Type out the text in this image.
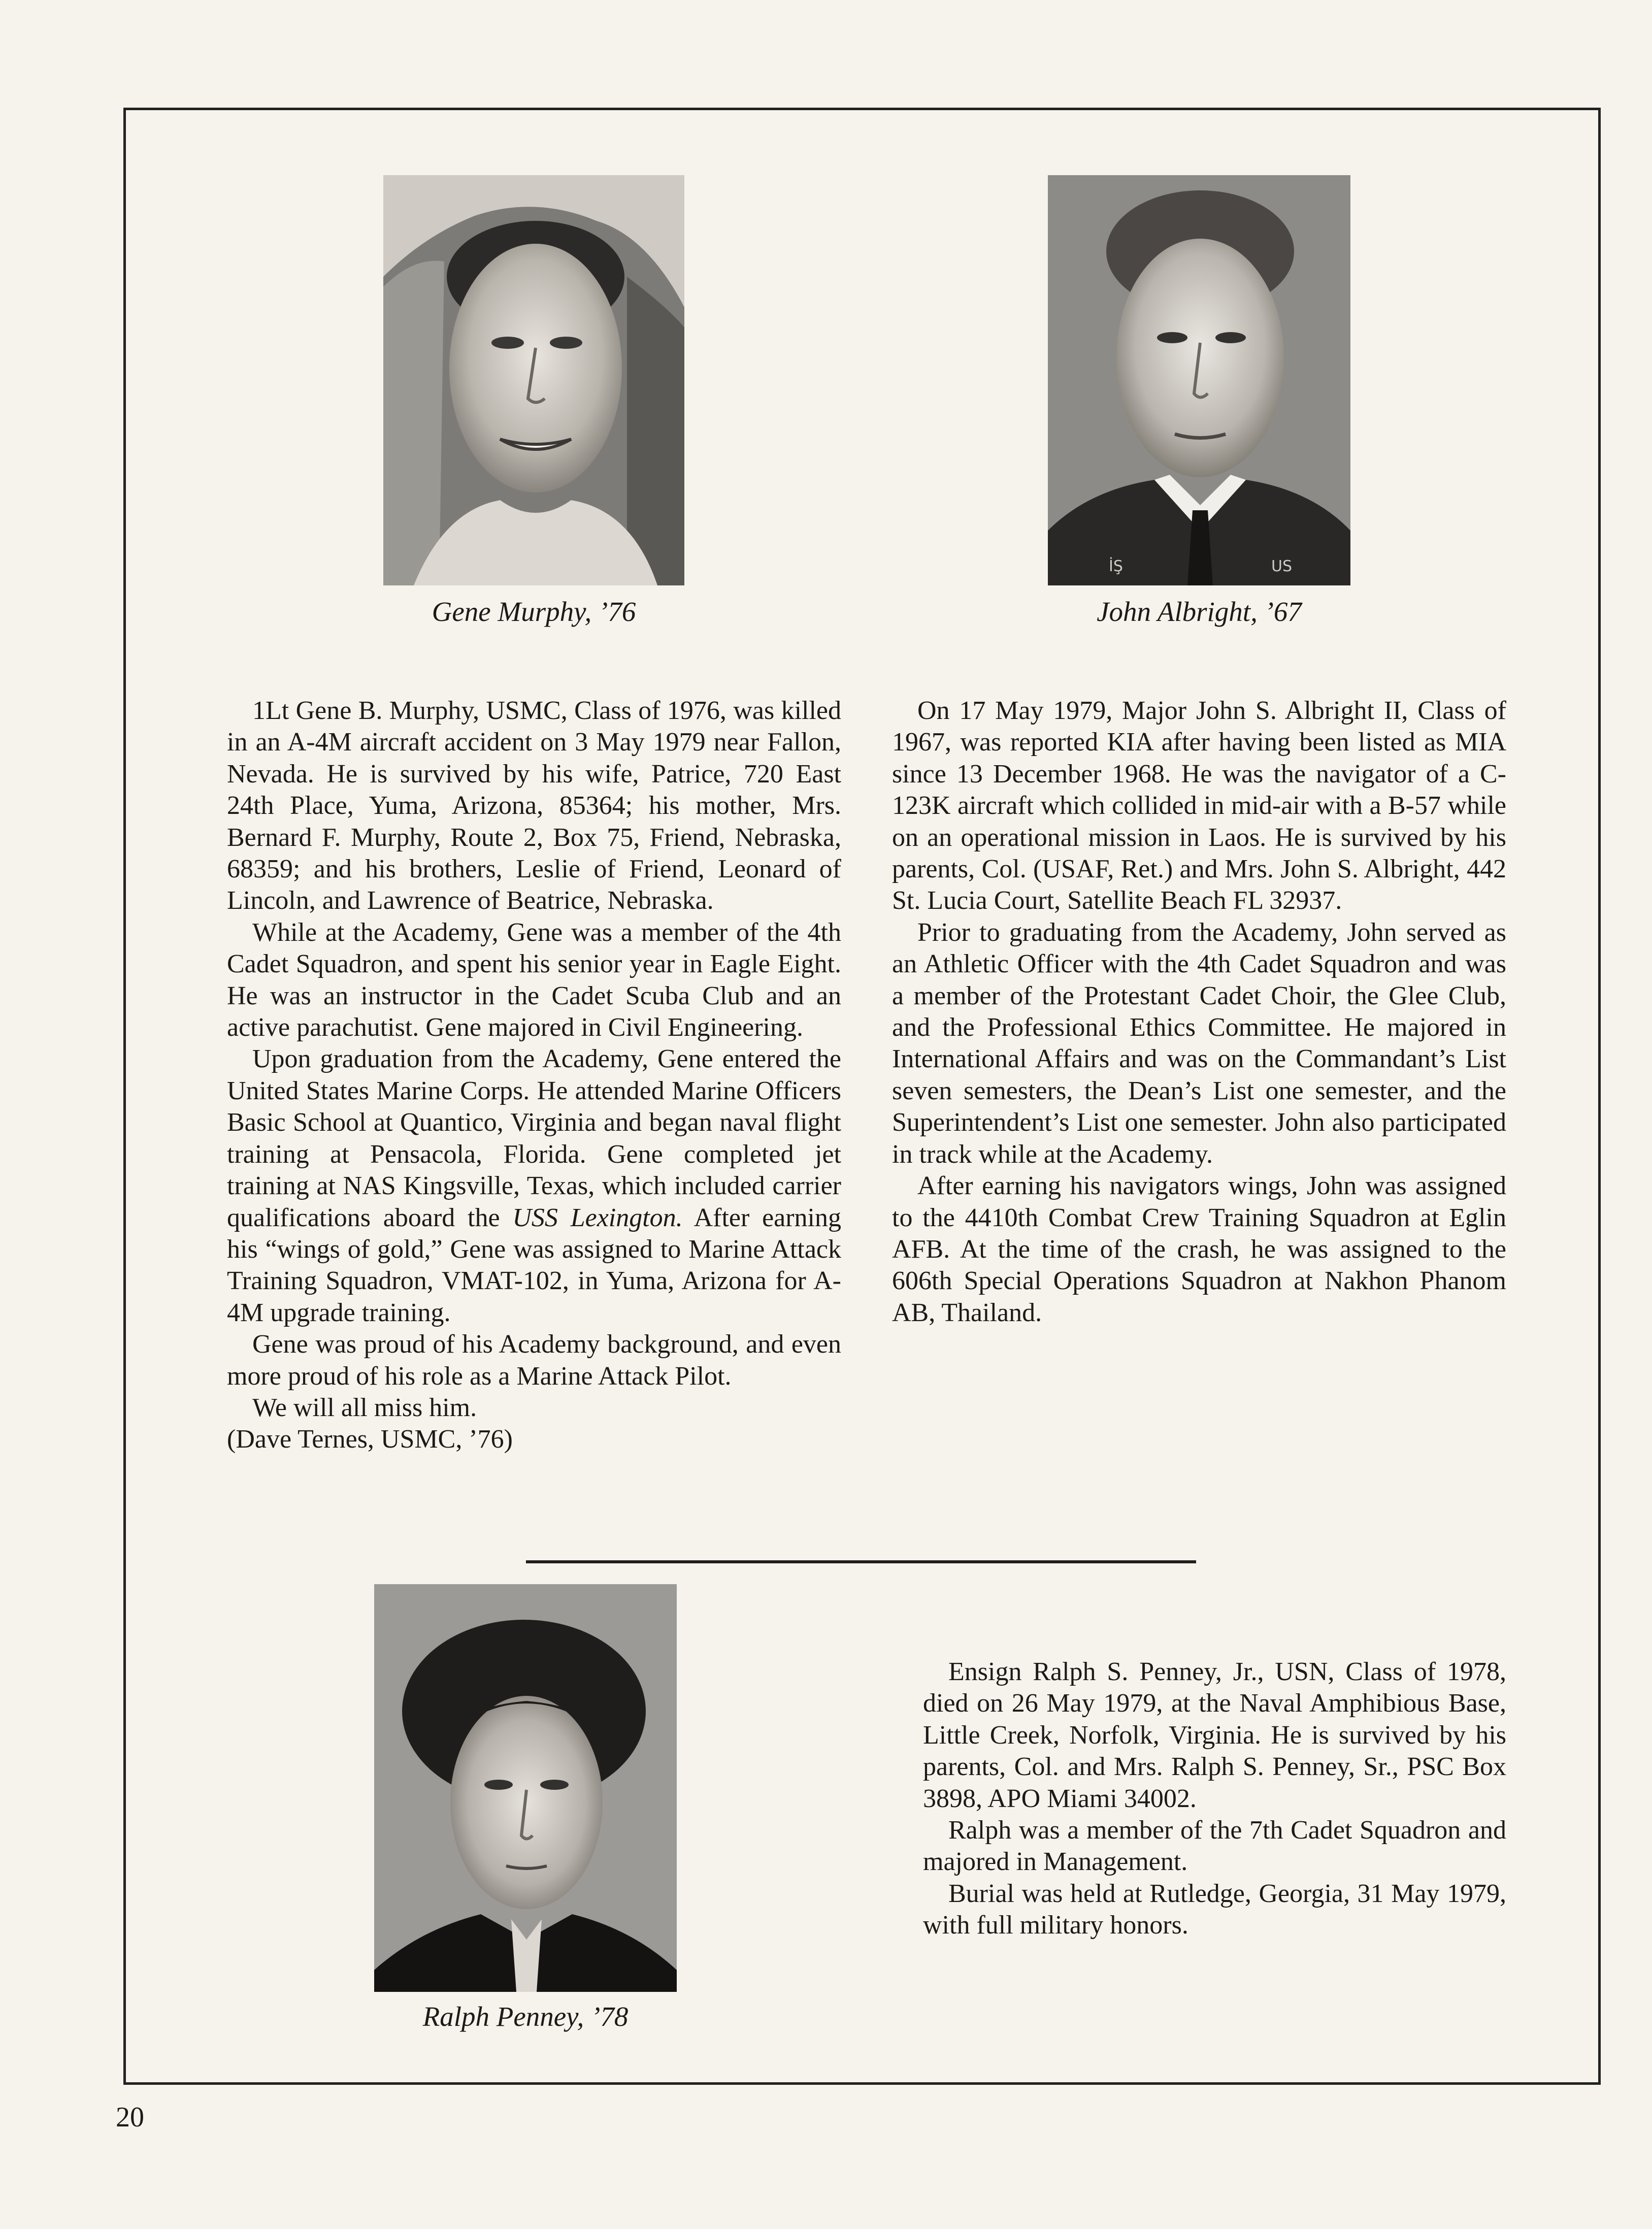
Gene Murphy, ’76

1Lt Gene B. Murphy, USMC, Class of 1976, was killed in an A-4M aircraft accident on 3 May 1979 near Fallon, Nevada. He is survived by his wife, Patrice, 720 East 24th Place, Yuma, Arizona, 85364; his mother, Mrs. Bernard F. Murphy, Route 2, Box 75, Friend, Nebraska, 68359; and his brothers, Leslie of Friend, Leonard of Lincoln, and Lawrence of Beatrice, Nebraska.

While at the Academy, Gene was a member of the 4th Cadet Squadron, and spent his senior year in Eagle Eight. He was an instructor in the Cadet Scuba Club and an active parachutist. Gene majored in Civil Engineering.

Upon graduation from the Academy, Gene entered the United States Marine Corps. He attended Marine Officers Basic School at Quantico, Virginia and began naval flight training at Pensacola, Florida. Gene completed jet training at NAS Kingsville, Texas, which included carrier qualifications aboard the USS Lexington. After earning his “wings of gold,” Gene was assigned to Marine Attack Training Squadron, VMAT-102, in Yuma, Arizona for A-4M upgrade training.

Gene was proud of his Academy background, and even more proud of his role as a Marine Attack Pilot.

We will all miss him.

(Dave Ternes, USMC, ’76)

İŞ	US
John Albright, ’67

On 17 May 1979, Major John S. Albright II, Class of 1967, was reported KIA after having been listed as MIA since 13 December 1968. He was the navigator of a C-123K aircraft which collided in mid-air with a B-57 while on an operational mission in Laos. He is survived by his parents, Col. (USAF, Ret.) and Mrs. John S. Albright, 442 St. Lucia Court, Satellite Beach FL 32937.

Prior to graduating from the Academy, John served as an Athletic Officer with the 4th Cadet Squadron and was a member of the Protestant Cadet Choir, the Glee Club, and the Professional Ethics Committee. He majored in International Affairs and was on the Commandant’s List seven semesters, the Dean’s List one semester, and the Superintendent’s List one semester. John also participated in track while at the Academy.

After earning his navigators wings, John was assigned to the 4410th Combat Crew Training Squadron at Eglin AFB. At the time of the crash, he was assigned to the 606th Special Operations Squadron at Nakhon Phanom AB, Thailand.

Ralph Penney, ’78

Ensign Ralph S. Penney, Jr., USN, Class of 1978, died on 26 May 1979, at the Naval Amphibious Base, Little Creek, Norfolk, Virginia. He is survived by his parents, Col. and Mrs. Ralph S. Penney, Sr., PSC Box 3898, APO Miami 34002.

Ralph was a member of the 7th Cadet Squadron and majored in Management.

Burial was held at Rutledge, Georgia, 31 May 1979, with full military honors.

20
